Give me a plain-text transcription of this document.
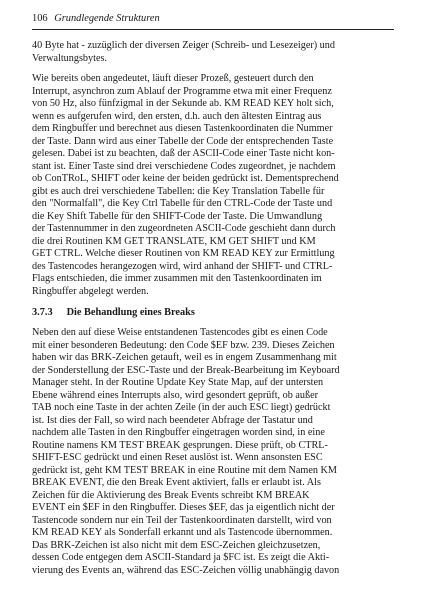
106 Grundlegende Strukturen

40 Byte hat - zuzüglich der diversen Zeiger (Schreib- und Lesezeiger) und
Verwaltungsbytes.

Wie bereits oben angedeutet, läuft dieser Prozeß, gesteuert durch den
Interrupt, asynchron zum Ablauf der Programme etwa mit einer Frequenz
von 50 Hz, also fünfzigmal in der Sekunde ab. KM READ KEY holt sich,
wenn es aufgerufen wird, den ersten, d.h. auch den ältesten Eintrag aus
dem Ringbuffer und berechnet aus diesen Tastenkoordinaten die Nummer
der Taste. Dann wird aus einer Tabelle der Code der entsprechenden Taste
gelesen. Dabei ist zu beachten, daß der ASCII-Code einer Taste nicht kon-
stant ist. Einer Taste sind drei verschiedene Codes zugeordnet, je nachdem
ob ConTRoL, SHIFT oder keine der beiden gedrückt ist. Dementsprechend
gibt es auch drei verschiedene Tabellen: die Key Translation Tabelle für
den "Normalfall", die Key Ctrl Tabelle für den CTRL-Code der Taste und
die Key Shift Tabelle für den SHIFT-Code der Taste. Die Umwandlung
der Tastennummer in den zugeordneten ASCII-Code geschieht dann durch
die drei Routinen KM GET TRANSLATE, KM GET SHIFT und KM
GET CTRL. Welche dieser Routinen von KM READ KEY zur Ermittlung
des Tastencodes herangezogen wird, wird anhand der SHIFT- und CTRL-
Flags entschieden, die immer zusammen mit den Tastenkoordinaten im
Ringbuffer abgelegt werden.

3.7.3 Die Behandlung eines Breaks

Neben den auf diese Weise entstandenen Tastencodes gibt es einen Code
mit einer besonderen Bedeutung: den Code $EF bzw. 239. Dieses Zeichen
haben wir das BRK-Zeichen getauft, weil es in engem Zusammenhang mit
der Sonderstellung der ESC-Taste und der Break-Bearbeitung im Keyboard
Manager steht. In der Routine Update Key State Map, auf der untersten
Ebene während eines Interrupts also, wird gesondert geprüft, ob außer
TAB noch eine Taste in der achten Zeile (in der auch ESC liegt) gedrückt
ist. Ist dies der Fall, so wird nach beendeter Abfrage der Tastatur und
nachdem alle Tasten in den Ringbuffer eingetragen worden sind, in eine
Routine namens KM TEST BREAK gesprungen. Diese prüft, ob CTRL-
SHIFT-ESC gedrückt und einen Reset auslöst ist. Wenn ansonsten ESC
gedrückt ist, geht KM TEST BREAK in eine Routine mit dem Namen KM
BREAK EVENT, die den Break Event aktiviert, falls er erlaubt ist. Als
Zeichen für die Aktivierung des Break Events schreibt KM BREAK
EVENT ein $EF in den Ringbuffer. Dieses $EF, das ja eigentlich nicht der
Tastencode sondern nur ein Teil der Tastenkoordinaten darstellt, wird von
KM READ KEY als Sonderfall erkannt und als Tastencode übernommen.
Das BRK-Zeichen ist also nicht mit dem ESC-Zeichen gleichzusetzen,
dessen Code entgegen dem ASCII-Standard ja $FC ist. Es zeigt die Akti-
vierung des Events an, während das ESC-Zeichen völlig unabhängig davon
